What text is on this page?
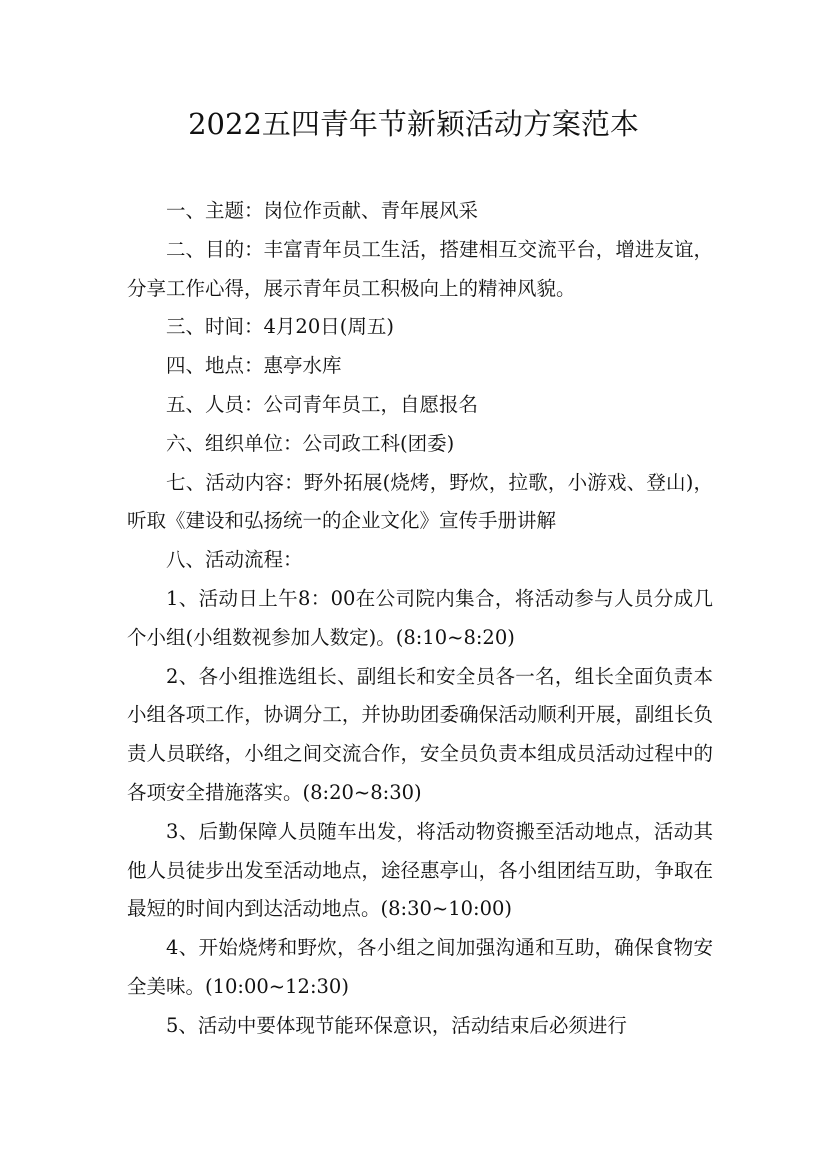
2022五四青年节新颖活动方案范本

一、主题：岗位作贡献、青年展风采

二、目的：丰富青年员工生活，搭建相互交流平台，增进友谊，分享工作心得，展示青年员工积极向上的精神风貌。

三、时间：4月20日(周五)

四、地点：惠亭水库

五、人员：公司青年员工，自愿报名

六、组织单位：公司政工科(团委)

七、活动内容：野外拓展(烧烤，野炊，拉歌，小游戏、登山)，听取《建设和弘扬统一的企业文化》宣传手册讲解

八、活动流程：

1、活动日上午8：00在公司院内集合，将活动参与人员分成几个小组(小组数视参加人数定)。(8:10~8:20)

2、各小组推选组长、副组长和安全员各一名，组长全面负责本小组各项工作，协调分工，并协助团委确保活动顺利开展，副组长负责人员联络，小组之间交流合作，安全员负责本组成员活动过程中的各项安全措施落实。(8:20~8:30)

3、后勤保障人员随车出发，将活动物资搬至活动地点，活动其他人员徒步出发至活动地点，途径惠亭山，各小组团结互助，争取在最短的时间内到达活动地点。(8:30~10:00)

4、开始烧烤和野炊，各小组之间加强沟通和互助，确保食物安全美味。(10:00~12:30)

5、活动中要体现节能环保意识，活动结束后必须进行
